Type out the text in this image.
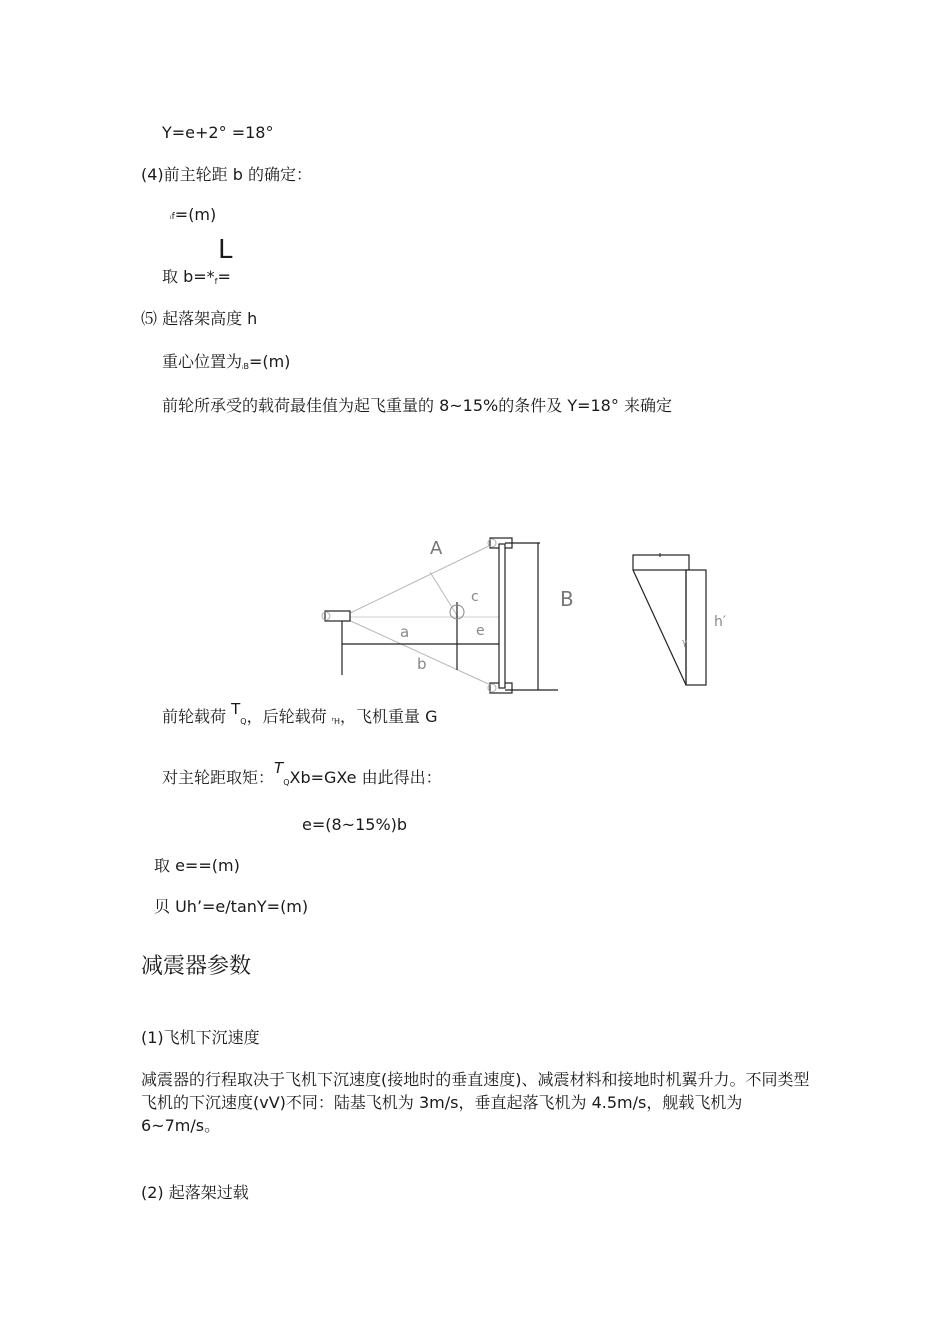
Y=e+2° =18°
(4)前主轮距 b 的确定：
ᵢf=(m)
L
取 $b=*_f=$
⑸ 起落架高度 h
重心位置为$_{ᵢB}$=(m)
前轮所承受的载荷最佳值为起飞重量的 8~15%的条件及 Y=18° 来确定
A
B
a
b
c
e
γ
h′
前轮载荷 $T_Q$，后轮载荷 ᵣ$_H$，飞机重量 G
对主轮距取矩：$T_QXb=GXe$ 由此得出：
e=(8~15%)b
取 e==(m)
贝 Uh’=e/tanY=(m)
减震器参数
(1)飞机下沉速度
减震器的行程取决于飞机下沉速度(接地时的垂直速度)、减震材料和接地时机翼升力。不同类型飞机的下沉速度(vV)不同：陆基飞机为 3m/s，垂直起落飞机为 4.5m/s，舰载飞机为 6~7m/s。
(2) 起落架过载
